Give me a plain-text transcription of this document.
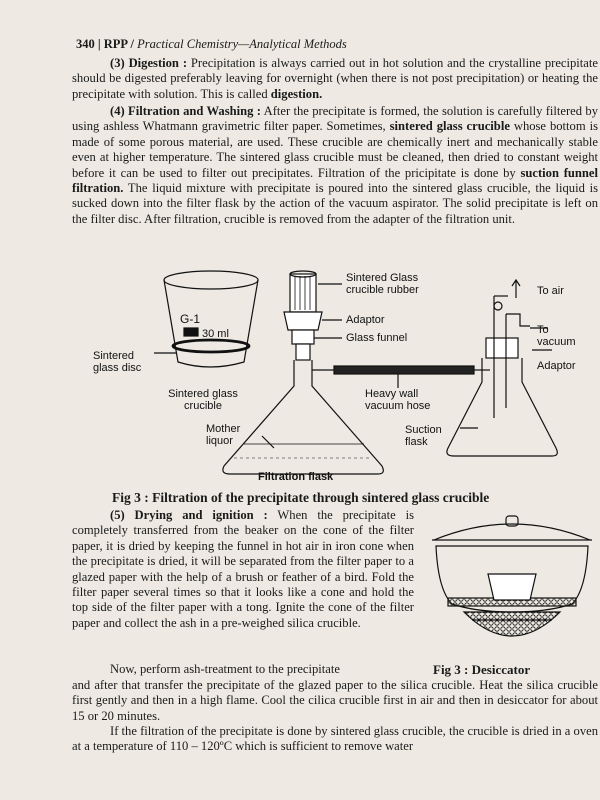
340 | RPP / Practical Chemistry—Analytical Methods
(3) Digestion : Precipitation is always carried out in hot solution and the crystalline precipitate should be digested preferably leaving for overnight (when there is not post precipitation) or heating the precipitate with solution. This is called digestion.
(4) Filtration and Washing : After the precipitate is formed, the solution is carefully filtered by using ashless Whatmann gravimetric filter paper. Sometimes, sintered glass crucible whose bottom is made of some porous material, are used. These crucible are chemically inert and mechanically stable even at higher temperature. The sintered glass crucible must be cleaned, then dried to constant weight before it can be used to filter out precipitates. Filtration of the pricipitate is done by suction funnel filtration. The liquid mixture with precipitate is poured into the sintered glass crucible, the liquid is sucked down into the filter flask by the action of the vacuum aspirator. The solid precipitate is left on the filter disc. After filtration, crucible is removed from the adapter of the filtration unit.
G-1
30 ml
Sintered glass disc
Sintered glass crucible
Sintered Glass crucible rubber
Adaptor
Glass funnel
Mother liquor
Filtration flask
Heavy wall vacuum hose
Suction flask
To air
To vacuum
Adaptor
Fig 3 : Filtration of the precipitate through sintered glass crucible
(5) Drying and ignition : When the precipitate is completely transferred from the beaker on the cone of the filter paper, it is dried by keeping the funnel in hot air in iron cone when the precipitate is dried, it will be separated from the filter paper to a glazed paper with the help of a brush or feather of a bird. Fold the filter paper several times so that it looks like a cone and hold the top side of the filter paper with a tong. Ignite the cone of the filter paper and collect the ash in a pre-weighed silica crucible.
Now, perform ash-treatment to the precipitate
and after that transfer the precipitate of the glazed paper to the silica crucible. Heat the silica crucible first gently and then in a high flame. Cool the cilica crucible first in air and then in desiccator for about 15 or 20 minutes.
If the filtration of the precipitate is done by sintered glass crucible, the crucible is dried in a oven at a temperature of 110 – 120ºC which is sufficient to remove water
Fig 3 : Desiccator
